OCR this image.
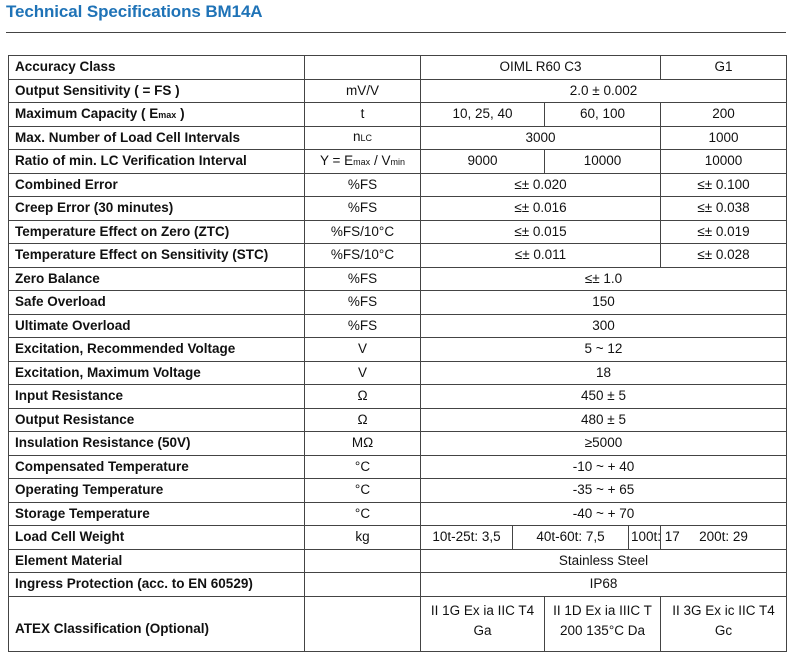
Technical Specifications BM14A
Accuracy Class		OIML R60 C3				G1
Output Sensitivity ( = FS )	mV/V	2.0 ± 0.002				
Maximum Capacity ( Emax )	t	10, 25, 40		60, 100		200
Max. Number of Load Cell Intervals	nLC	3000				1000
Ratio of min. LC Verification Interval	Y = Emax / Vmin	9000		10000		10000
Combined Error	%FS	≤± 0.020				≤± 0.100
Creep Error (30 minutes)	%FS	≤± 0.016				≤± 0.038
Temperature Effect on Zero (ZTC)	%FS/10°C	≤± 0.015				≤± 0.019
Temperature Effect on Sensitivity (STC)	%FS/10°C	≤± 0.011				≤± 0.028
Zero Balance	%FS	≤± 1.0				
Safe Overload	%FS	150				
Ultimate Overload	%FS	300				
Excitation, Recommended Voltage	V	5 ~ 12				
Excitation, Maximum Voltage	V	18				
Input Resistance	Ω	450 ± 5				
Output Resistance	Ω	480 ± 5				
Insulation Resistance (50V)	MΩ	≥5000				
Compensated Temperature	°C	-10 ~ + 40				
Operating Temperature	°C	-35 ~ + 65				
Storage Temperature	°C	-40 ~ + 70				
Load Cell Weight	kg	10t-25t: 3,5	40t-60t: 7,5		100t: 17	200t: 29
Element Material		Stainless Steel				
Ingress Protection (acc. to EN 60529)		IP68				
ATEX Classification (Optional)		II 1G Ex ia IIC T4 Ga		II 1D Ex ia IIIC T 200 135°C Da		II 3G Ex ic IIC T4 Gc
